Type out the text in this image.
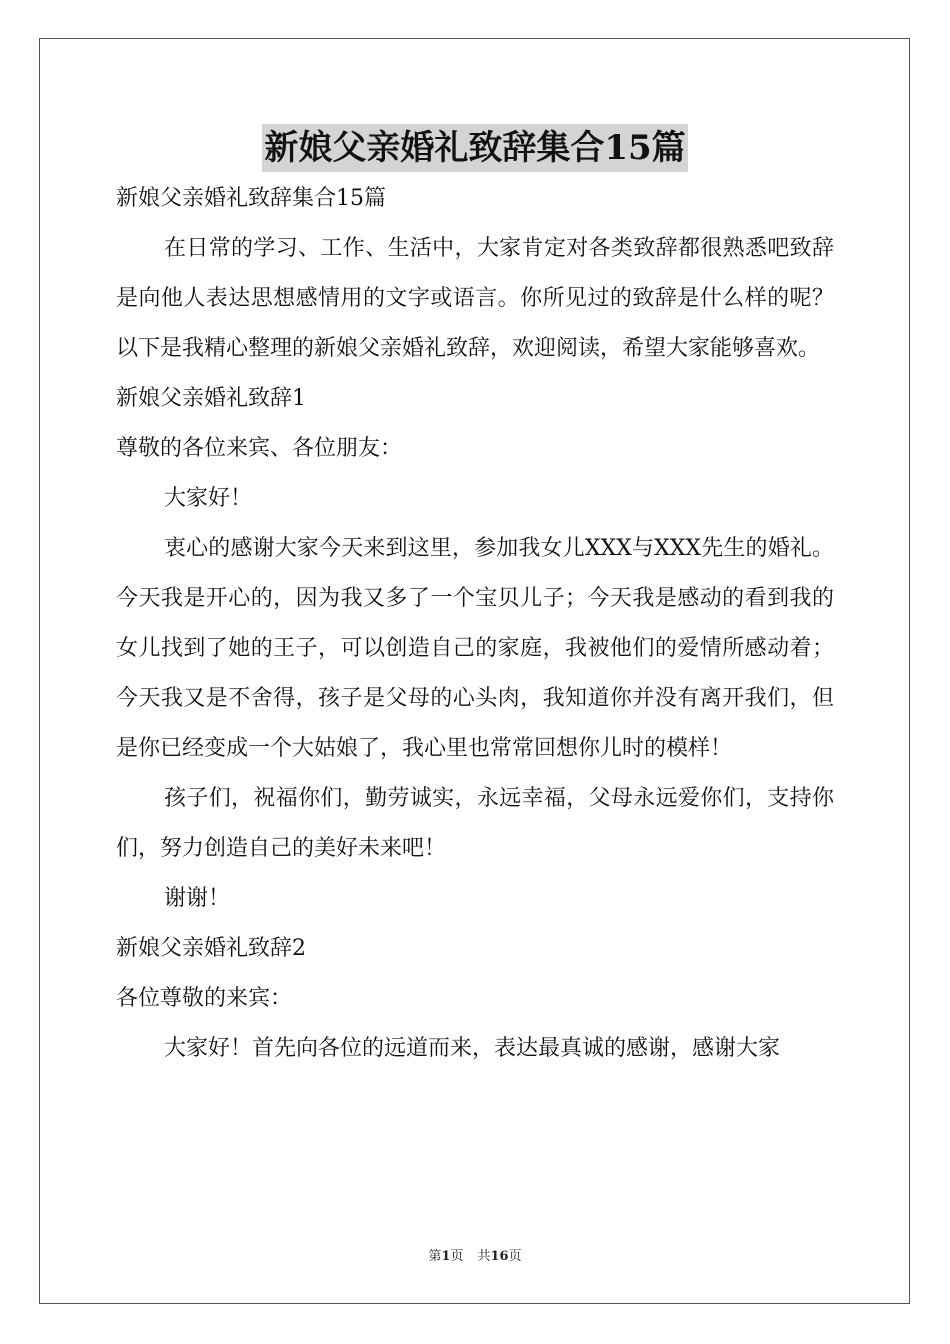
新娘父亲婚礼致辞集合15篇

新娘父亲婚礼致辞集合15篇

在日常的学习、工作、生活中，大家肯定对各类致辞都很熟悉吧致辞是向他人表达思想感情用的文字或语言。你所见过的致辞是什么样的呢？以下是我精心整理的新娘父亲婚礼致辞，欢迎阅读，希望大家能够喜欢。

新娘父亲婚礼致辞1

尊敬的各位来宾、各位朋友：

大家好！

衷心的感谢大家今天来到这里，参加我女儿XXX与XXX先生的婚礼。今天我是开心的，因为我又多了一个宝贝儿子；今天我是感动的看到我的女儿找到了她的王子，可以创造自己的家庭，我被他们的爱情所感动着；今天我又是不舍得，孩子是父母的心头肉，我知道你并没有离开我们，但是你已经变成一个大姑娘了，我心里也常常回想你儿时的模样！

孩子们，祝福你们，勤劳诚实，永远幸福，父母永远爱你们，支持你们，努力创造自己的美好未来吧！

谢谢！

新娘父亲婚礼致辞2

各位尊敬的来宾：

大家好！首先向各位的远道而来，表达最真诚的感谢，感谢大家

第1页 共16页
